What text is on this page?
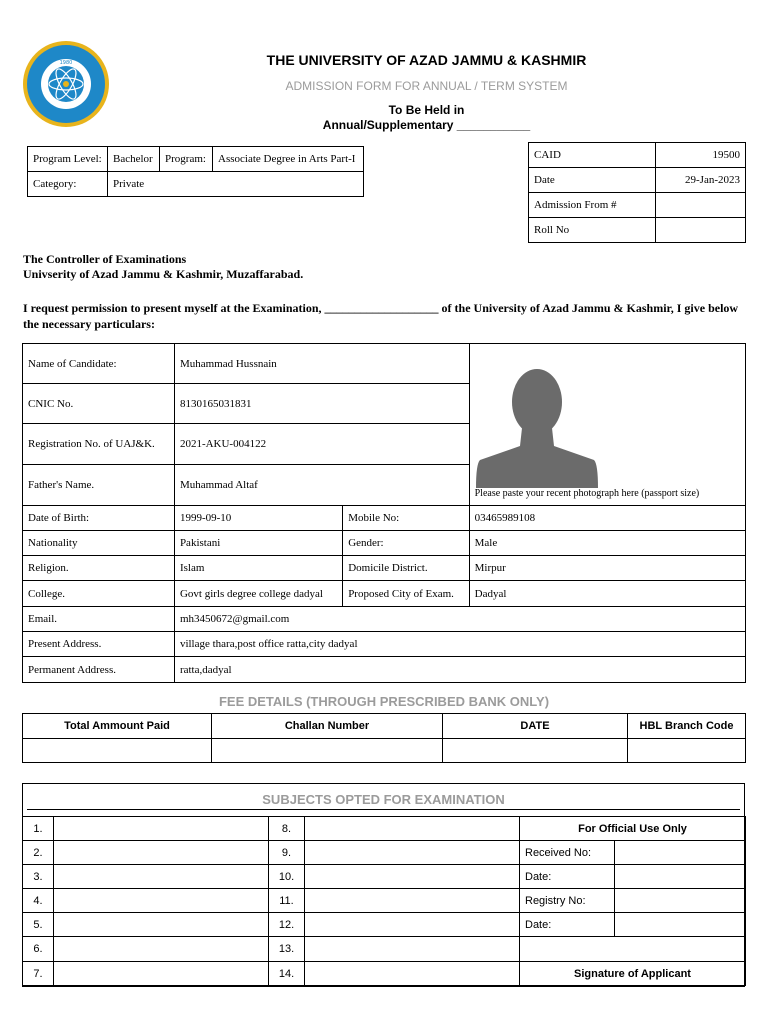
1980	THE UNIVERSITY OF AZAD JAMMU & KASHMIR
ADMISSION FORM FOR ANNUAL / TERM SYSTEM
To Be Held in
Annual/Supplementary ___________
Program Level:	Bachelor	Program:	Associate Degree in Arts Part-I
Category:	Private		
CAID	19500
Date	29-Jan-2023
Admission From #	
Roll No	
The Controller of Examinations
Univserity of Azad Jammu & Kashmir, Muzaffarabad.
I request permission to present myself at the Examination, ___________________ of the University of Azad Jammu & Kashmir, I give below the necessary particulars:
Name of Candidate:	Muhammad Hussnain		Please paste your recent photograph here (passport size)

CNIC No.	8130165031831		
Registration No. of UAJ&K.	2021-AKU-004122		
Father's Name.	Muhammad Altaf		
Date of Birth:	1999-09-10	Mobile No:	03465989108
Nationality	Pakistani	Gender:	Male
Religion.	Islam	Domicile District.	Mirpur
College.	Govt girls degree college dadyal	Proposed City of Exam.	Dadyal
Email.	mh3450672@gmail.com		
Present Address.	village thara,post office ratta,city dadyal		
Permanent Address.	ratta,dadyal		
FEE DETAILS (THROUGH PRESCRIBED BANK ONLY)
Total Ammount Paid	Challan Number	DATE	HBL Branch Code

SUBJECTS OPTED FOR EXAMINATION
1.		8.		For Official Use Only	
2.		9.		Received No:	
3.		10.		Date:	
4.		11.		Registry No:	
5.		12.		Date:	
6.		13.			
7.		14.		Signature of Applicant	
